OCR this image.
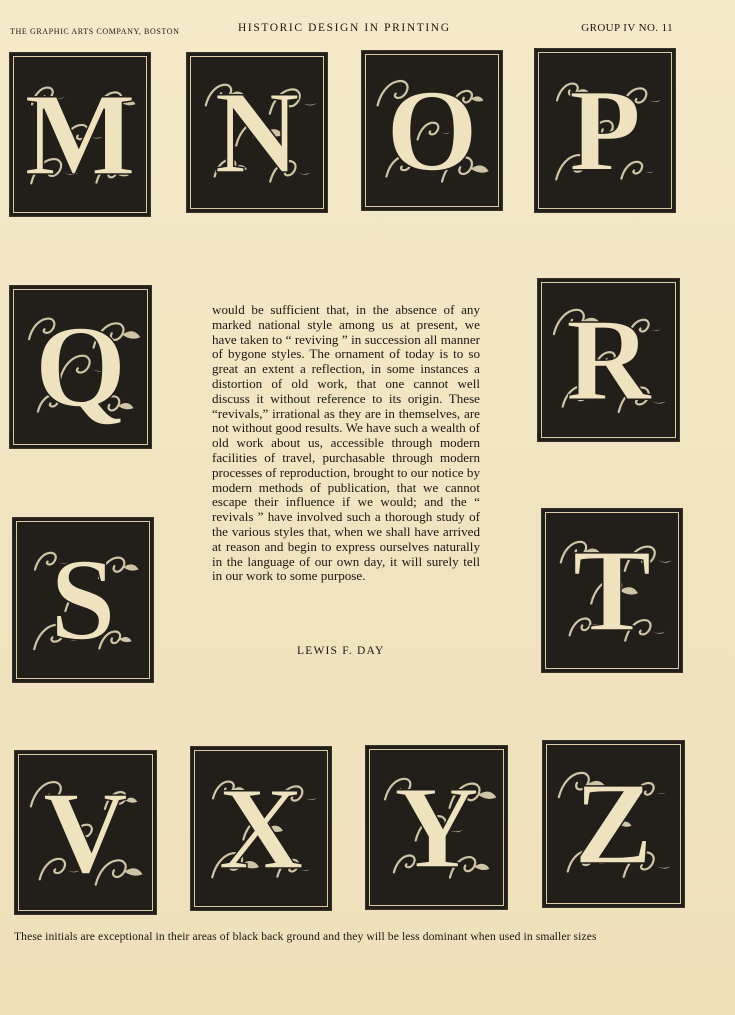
THE GRAPHIC ARTS COMPANY, BOSTON	HISTORIC DESIGN IN PRINTING	GROUP IV NO. 11
M N O P
Q	R
would be sufficient that, in the absence of any marked national style among us at present, we have taken to “ reviving ” in succession all manner of bygone styles. The ornament of today is to so great an extent a reflection, in some instances a distortion of old work, that one cannot well discuss it without reference to its origin. These “revivals,” irrational as they are in themselves, are not without good results. We have such a wealth of old work about us, accessible through modern facilities of travel, purchasable through modern processes of reproduction, brought to our notice by modern methods of publication, that we cannot escape their influence if we would; and the “ revivals ” have involved such a thorough study of the various styles that, when we shall have arrived at reason and begin to express ourselves naturally in the language of our own day, it will surely tell in our work to some purpose.
LEWIS F. DAY
S	T
V X Y Z
These initials are exceptional in their areas of black back ground and they will be less dominant when used in smaller sizes
